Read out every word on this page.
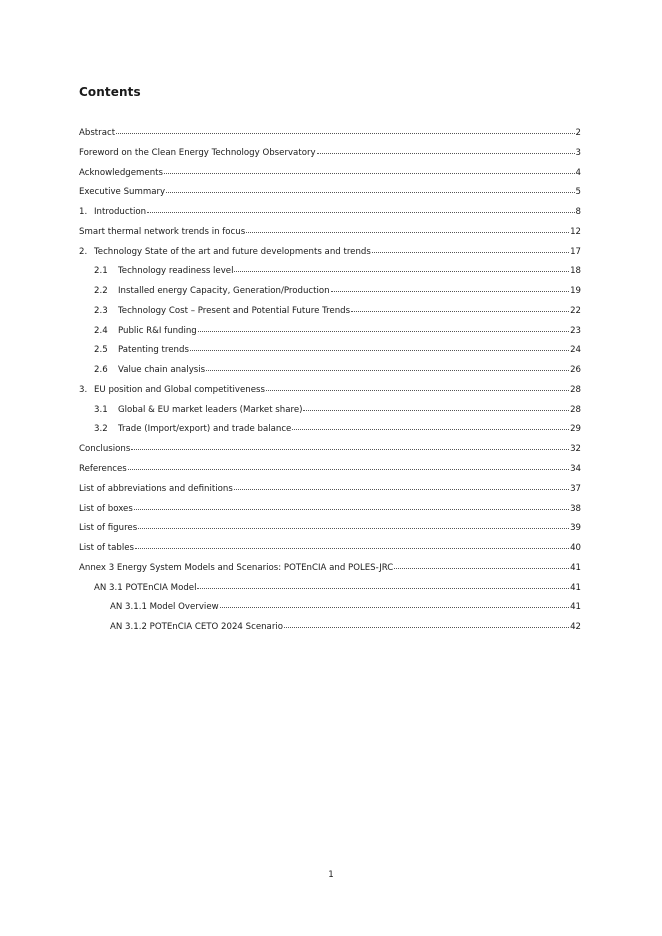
Contents
Abstract	2
Foreword on the Clean Energy Technology Observatory	3
Acknowledgements	4
Executive Summary	5
1. Introduction	8
Smart thermal network trends in focus	12
2. Technology State of the art and future developments and trends	17
2.1	Technology readiness level	18
2.2	Installed energy Capacity, Generation/Production	19
2.3	Technology Cost – Present and Potential Future Trends	22
2.4	Public R&I funding	23
2.5	Patenting trends	24
2.6	Value chain analysis	26
3. EU position and Global competitiveness	28
3.1	Global & EU market leaders (Market share)	28
3.2	Trade (Import/export) and trade balance	29
Conclusions	32
References	34
List of abbreviations and definitions	37
List of boxes	38
List of figures	39
List of tables	40
Annex 3 Energy System Models and Scenarios: POTEnCIA and POLES-JRC	41
AN 3.1 POTEnCIA Model	41
AN 3.1.1 Model Overview	41
AN 3.1.2 POTEnCIA CETO 2024 Scenario	42
1
